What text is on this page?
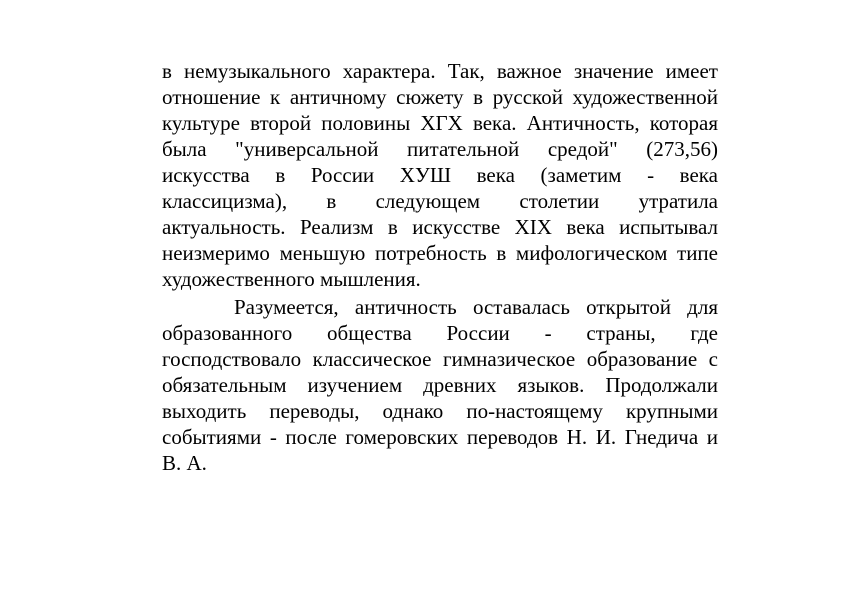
в немузыкального характера. Так, важное значение имеет
отношение к античному сюжету в русской художественной
культуре второй половины ХГХ века. Античность, которая
была "универсальной питательной средой" (273,56)
искусства в России ХУШ века (заметим - века
классицизма), в следующем столетии утратила
актуальность. Реализм в искусстве XIX века испытывал
неизмеримо меньшую потребность в мифологическом типе
художественного мышления.
Разумеется, античность оставалась открытой для
образованного общества России - страны, где
господствовало классическое гимназическое образование с
обязательным изучением древних языков. Продолжали
выходить переводы, однако по-настоящему крупными
событиями - после гомеровских переводов Н. И. Гнедича и
В. А.
